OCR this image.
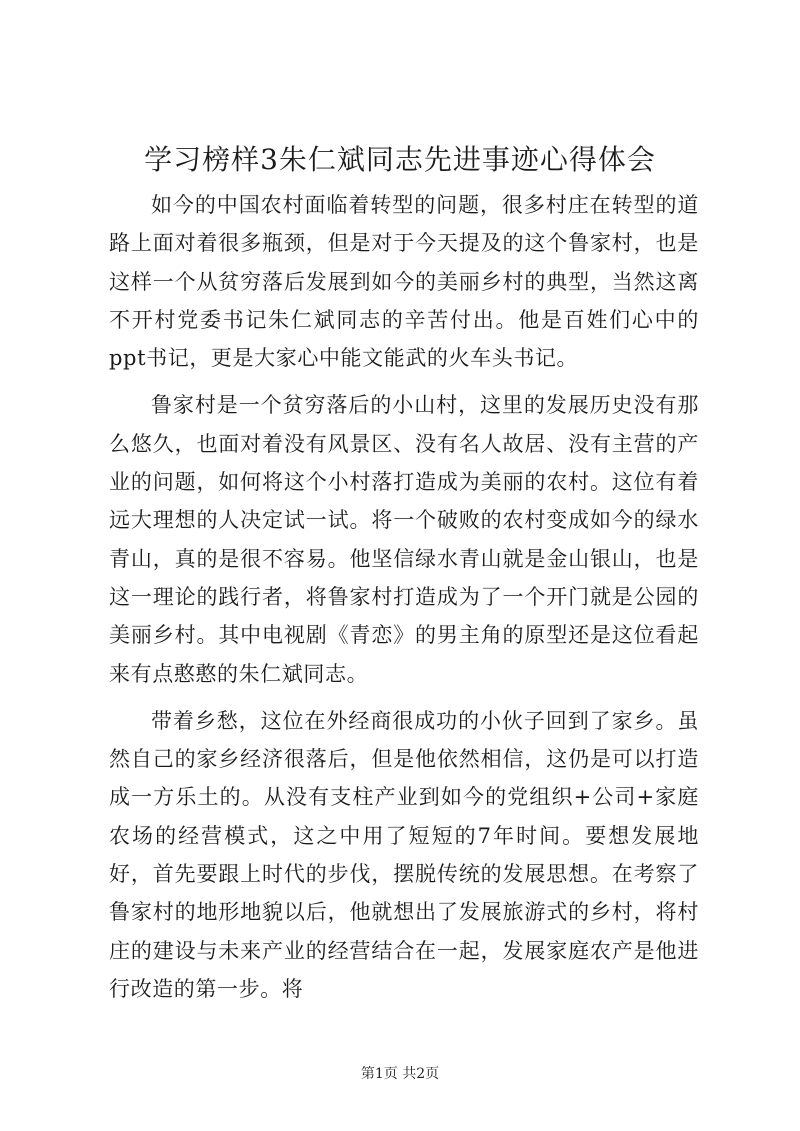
学习榜样3朱仁斌同志先进事迹心得体会

如今的中国农村面临着转型的问题，很多村庄在转型的道路上面对着很多瓶颈，但是对于今天提及的这个鲁家村，也是这样一个从贫穷落后发展到如今的美丽乡村的典型，当然这离不开村党委书记朱仁斌同志的辛苦付出。他是百姓们心中的ppt书记，更是大家心中能文能武的火车头书记。

鲁家村是一个贫穷落后的小山村，这里的发展历史没有那么悠久，也面对着没有风景区、没有名人故居、没有主营的产业的问题，如何将这个小村落打造成为美丽的农村。这位有着远大理想的人决定试一试。将一个破败的农村变成如今的绿水青山，真的是很不容易。他坚信绿水青山就是金山银山，也是这一理论的践行者，将鲁家村打造成为了一个开门就是公园的美丽乡村。其中电视剧《青恋》的男主角的原型还是这位看起来有点憨憨的朱仁斌同志。

带着乡愁，这位在外经商很成功的小伙子回到了家乡。虽然自己的家乡经济很落后，但是他依然相信，这仍是可以打造成一方乐土的。从没有支柱产业到如今的党组织+公司+家庭农场的经营模式，这之中用了短短的7年时间。要想发展地好，首先要跟上时代的步伐，摆脱传统的发展思想。在考察了鲁家村的地形地貌以后，他就想出了发展旅游式的乡村，将村庄的建设与未来产业的经营结合在一起，发展家庭农产是他进行改造的第一步。将

第1页 共2页
